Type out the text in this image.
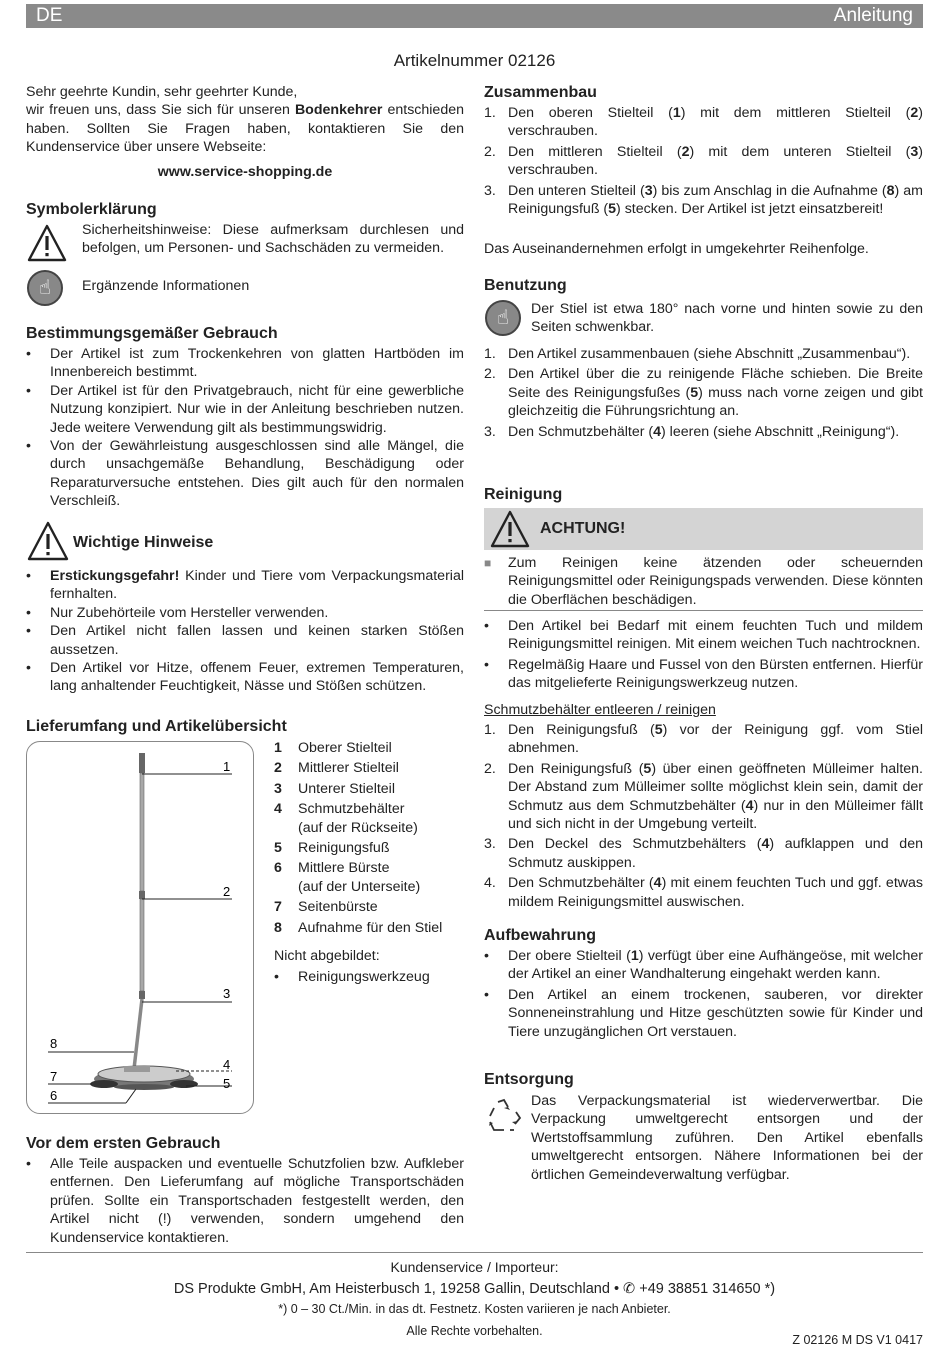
DE	Anleitung
Artikelnummer 02126

Sehr geehrte Kundin, sehr geehrter Kunde,

wir freuen uns, dass Sie sich für unseren Bodenkehrer entschieden haben. Sollten Sie Fragen haben, kontaktieren Sie den Kundenservice über unsere Webseite:

www.service-shopping.de

Symbolerklärung

Sicherheitshinweise: Diese aufmerksam durchlesen und befolgen, um Personen- und Sachschäden zu vermeiden.

☝	Ergänzende Informationen

Bestimmungsgemäßer Gebrauch
• Der Artikel ist zum Trockenkehren von glatten Hartböden im Innenbereich bestimmt.
• Der Artikel ist für den Privatgebrauch, nicht für eine gewerbliche Nutzung konzipiert. Nur wie in der Anleitung beschrieben nutzen. Jede weitere Verwendung gilt als bestimmungswidrig.
• Von der Gewährleistung ausgeschlossen sind alle Mängel, die durch unsachgemäße Behandlung, Beschädigung oder Reparaturversuche entstehen. Dies gilt auch für den normalen Verschleiß.
Wichtige Hinweise
• Erstickungsgefahr! Kinder und Tiere vom Verpackungsmaterial fernhalten.
• Nur Zubehörteile vom Hersteller verwenden.
• Den Artikel nicht fallen lassen und keinen starken Stößen aussetzen.
• Den Artikel vor Hitze, offenem Feuer, extremen Temperaturen, lang anhaltender Feuchtigkeit, Nässe und Stößen schützen.
Lieferumfang und Artikelübersicht
1
2
3
4
5
6
7
8
1 Oberer Stielteil
2 Mittlerer Stielteil
3 Unterer Stielteil
4 Schmutzbehälter
(auf der Rückseite)
5 Reinigungsfuß
6 Mittlere Bürste
(auf der Unterseite)
7 Seitenbürste
8 Aufnahme für den Stiel

Nicht abgebildet:

• Reinigungswerkzeug
Vor dem ersten Gebrauch
• Alle Teile auspacken und eventuelle Schutzfolien bzw. Aufkleber entfernen. Den Lieferumfang auf mögliche Transportschäden prüfen. Sollte ein Transportschaden festgestellt werden, den Artikel nicht (!) verwenden, sondern umgehend den Kundenservice kontaktieren.
Zusammenbau
1. Den oberen Stielteil (1) mit dem mittleren Stielteil (2) verschrauben.
2. Den mittleren Stielteil (2) mit dem unteren Stielteil (3) verschrauben.
3. Den unteren Stielteil (3) bis zum Anschlag in die Aufnahme (8) am Reinigungsfuß (5) stecken. Der Artikel ist jetzt einsatzbereit!

Das Auseinandernehmen erfolgt in umgekehrter Reihenfolge.

Benutzung
☝	Der Stiel ist etwa 180° nach vorne und hinten sowie zu den Seiten schwenkbar.

1. Den Artikel zusammenbauen (siehe Abschnitt „Zusammenbau“).
2. Den Artikel über die zu reinigende Fläche schieben. Die Breite Seite des Reinigungsfußes (5) muss nach vorne zeigen und gibt gleichzeitig die Führungsrichtung an.
3. Den Schmutzbehälter (4) leeren (siehe Abschnitt „Reinigung“).
Reinigung
ACHTUNG!
■ Zum Reinigen keine ätzenden oder scheuernden Reinigungsmittel oder Reinigungspads verwenden. Diese könnten die Oberflächen beschädigen.
• Den Artikel bei Bedarf mit einem feuchten Tuch und mildem Reinigungsmittel reinigen. Mit einem weichen Tuch nachtrocknen.
• Regelmäßig Haare und Fussel von den Bürsten entfernen. Hierfür das mitgelieferte Reinigungswerkzeug nutzen.

Schmutzbehälter entleeren / reinigen

1. Den Reinigungsfuß (5) vor der Reinigung ggf. vom Stiel abnehmen.
2. Den Reinigungsfuß (5) über einen geöffneten Mülleimer halten. Der Abstand zum Mülleimer sollte möglichst klein sein, damit der Schmutz aus dem Schmutzbehälter (4) nur in den Mülleimer fällt und sich nicht in der Umgebung verteilt.
3. Den Deckel des Schmutzbehälters (4) aufklappen und den Schmutz auskippen.
4. Den Schmutzbehälter (4) mit einem feuchten Tuch und ggf. etwas mildem Reinigungsmittel auswischen.
Aufbewahrung
• Der obere Stielteil (1) verfügt über eine Aufhängeöse, mit welcher der Artikel an einer Wandhalterung eingehakt werden kann.
• Den Artikel an einem trockenen, sauberen, vor direkter Sonneneinstrahlung und Hitze geschützten sowie für Kinder und Tiere unzugänglichen Ort verstauen.
Entsorgung

Das Verpackungsmaterial ist wiederverwertbar. Die Verpackung umweltgerecht entsorgen und der Wertstoffsammlung zuführen. Den Artikel ebenfalls umweltgerecht entsorgen. Nähere Informationen bei der örtlichen Gemeindeverwaltung verfügbar.

Kundenservice / Importeur:
DS Produkte GmbH, Am Heisterbusch 1, 19258 Gallin, Deutschland • ✆ +49 38851 314650 *)
*) 0 – 30 Ct./Min. in das dt. Festnetz. Kosten variieren je nach Anbieter.
Alle Rechte vorbehalten.
Z 02126 M DS V1 0417
